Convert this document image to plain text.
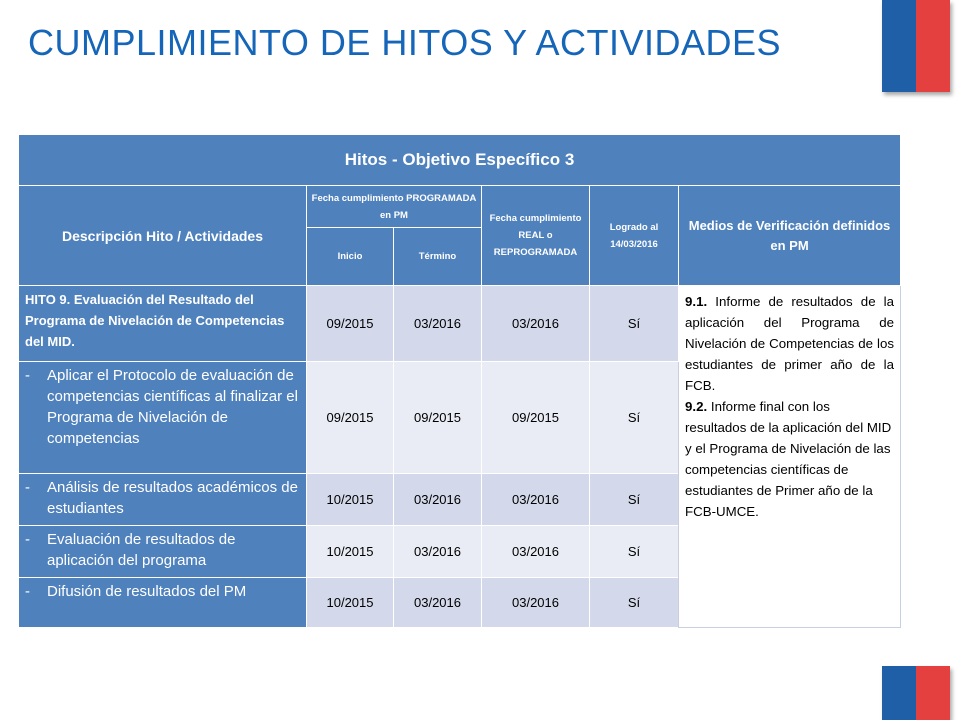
CUMPLIMIENTO DE HITOS Y ACTIVIDADES
Hitos - Objetivo Específico 3					
Descripción Hito / Actividades	Fecha cumplimiento PROGRAMADA en PM		Fecha cumplimiento REAL o REPROGRAMADA	Logrado al 14/03/2016	Medios de Verificación definidos en PM
	Inicio	Término			
HITO 9. Evaluación del Resultado del Programa de Nivelación de Competencias del MID.	09/2015	03/2016	03/2016	Sí	9.1. Informe de resultados de la aplicación del Programa de Nivelación de Competencias de los estudiantes de primer año de la FCB.
9.2. Informe final con los resultados de la aplicación del MID y el Programa de Nivelación de las competencias científicas de estudiantes de Primer año de la FCB-UMCE.

- Aplicar el Protocolo de evaluación de competencias científicas al finalizar el Programa de Nivelación de competencias	09/2015	09/2015	09/2015	Sí	

- Análisis de resultados académicos de estudiantes	10/2015	03/2016	03/2016	Sí	

- Evaluación de resultados de aplicación del programa	10/2015	03/2016	03/2016	Sí	

- Difusión de resultados del PM	10/2015	03/2016	03/2016	Sí	
